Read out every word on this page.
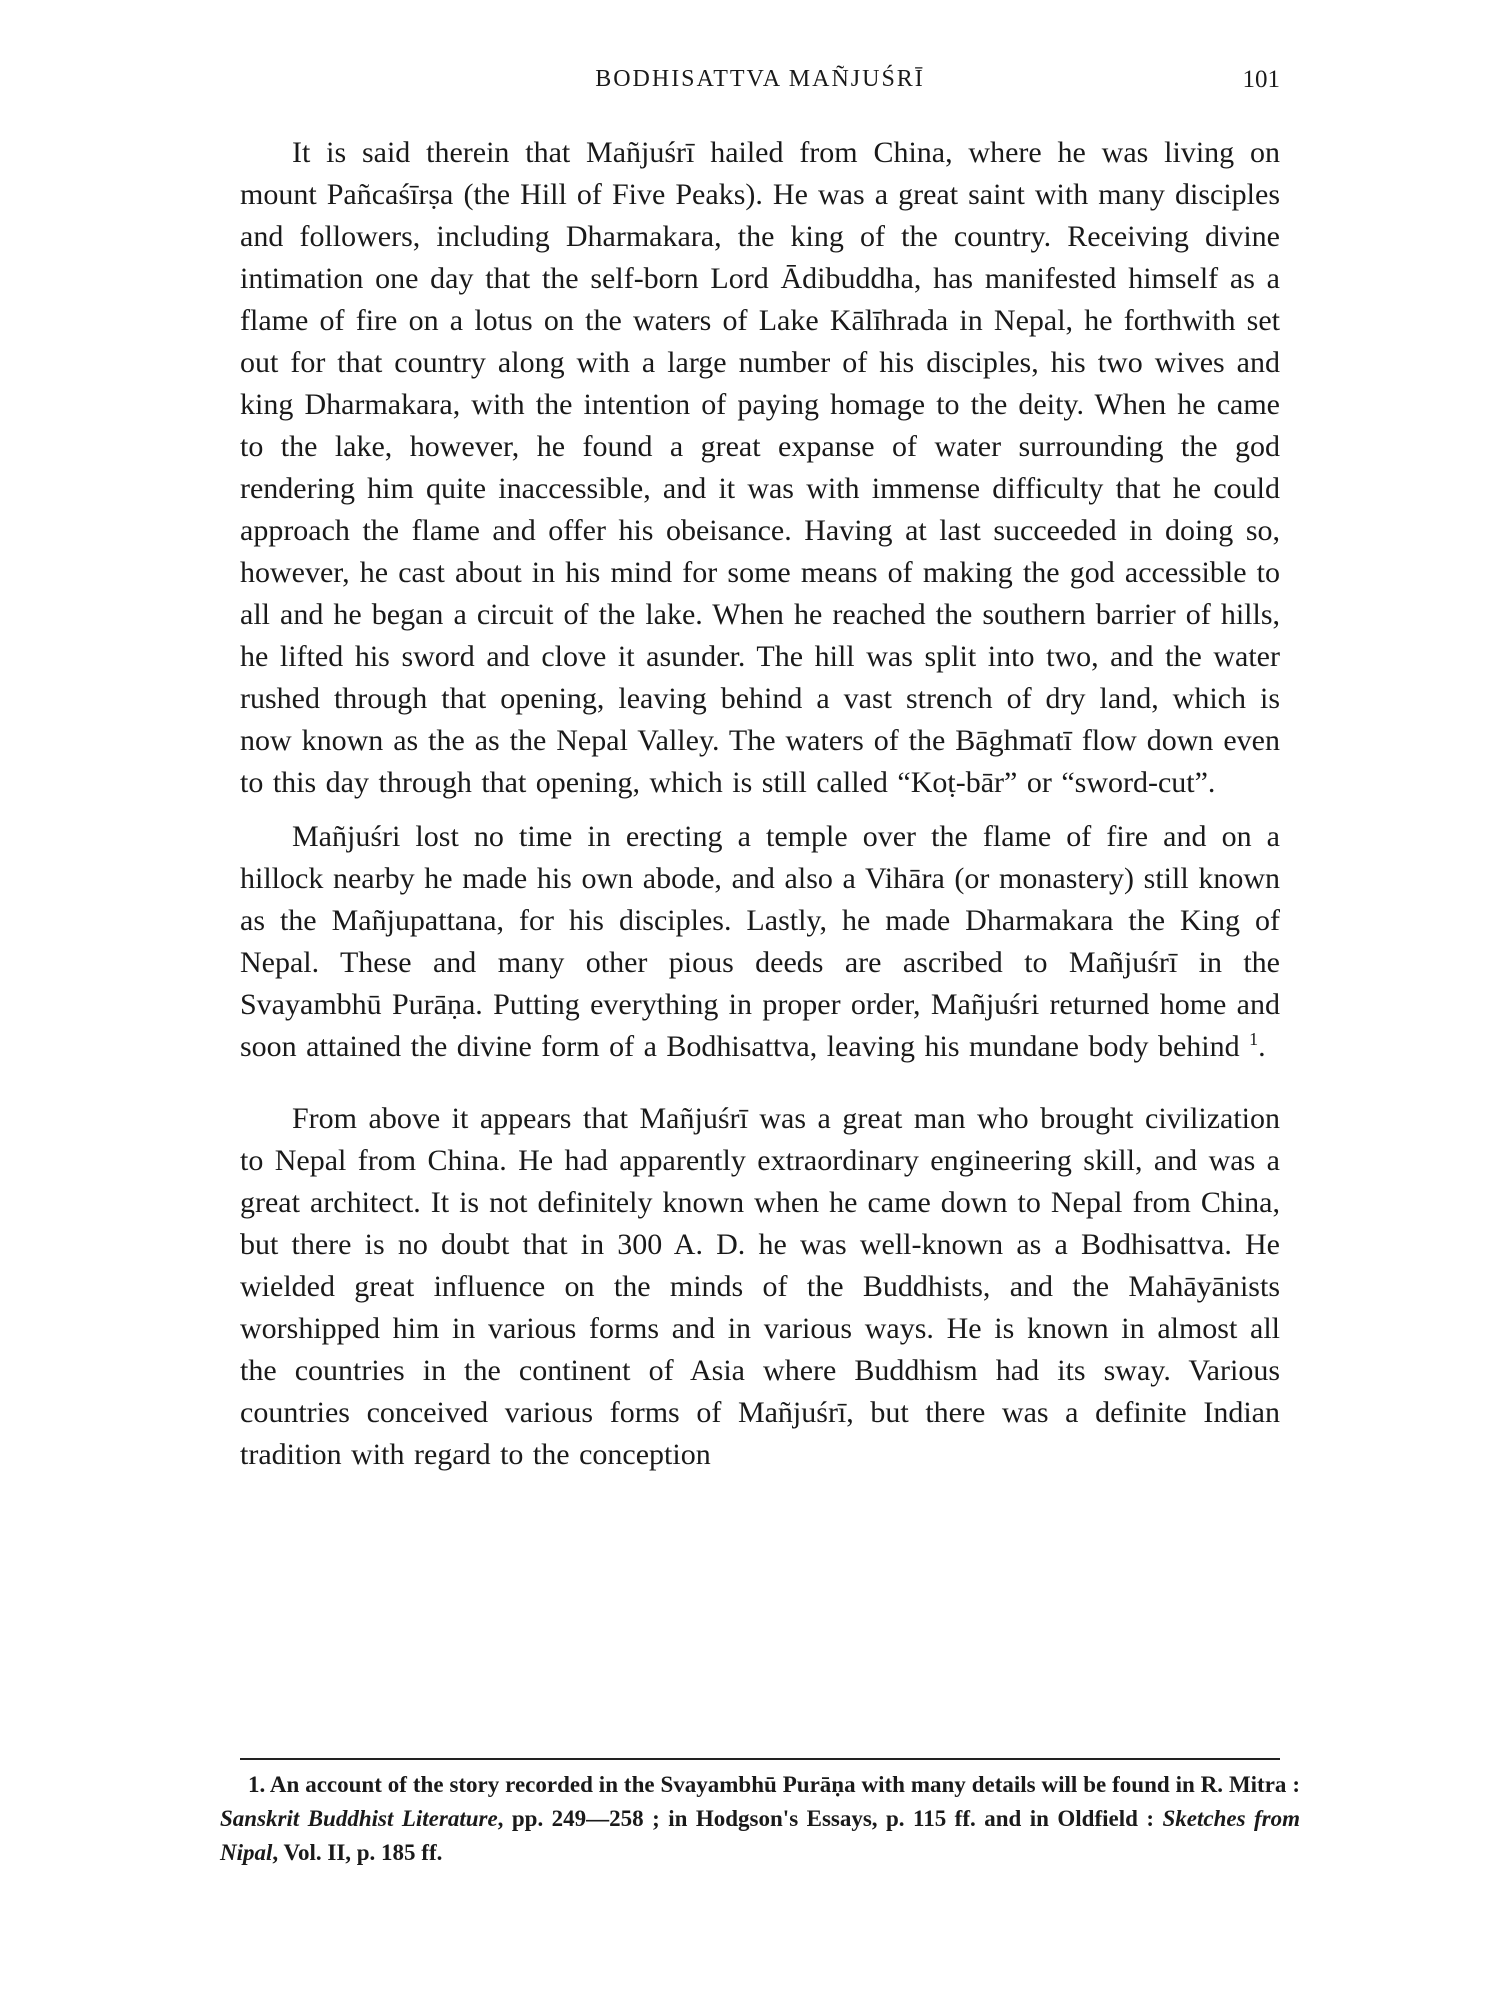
BODHISATTVA MAÑJUŚRĪ	101

It is said therein that Mañjuśrī hailed from China, where he was living on mount Pañcaśīrṣa (the Hill of Five Peaks). He was a great saint with many disciples and followers, including Dharmakara, the king of the country. Receiving divine intimation one day that the self-born Lord Ādibuddha, has manifested himself as a flame of fire on a lotus on the waters of Lake Kālīhrada in Nepal, he forthwith set out for that country along with a large number of his disciples, his two wives and king Dharmakara, with the intention of paying homage to the deity. When he came to the lake, however, he found a great expanse of water surrounding the god rendering him quite inaccessible, and it was with immense difficulty that he could approach the flame and offer his obeisance. Having at last succeeded in doing so, however, he cast about in his mind for some means of making the god accessible to all and he began a circuit of the lake. When he reached the southern barrier of hills, he lifted his sword and clove it asunder. The hill was split into two, and the water rushed through that opening, leaving behind a vast strench of dry land, which is now known as the as the Nepal Valley. The waters of the Bāghmatī flow down even to this day through that opening, which is still called “Koṭ-bār” or “sword-cut”.

Mañjuśri lost no time in erecting a temple over the flame of fire and on a hillock nearby he made his own abode, and also a Vihāra (or monastery) still known as the Mañjupattana, for his disciples. Lastly, he made Dharmakara the King of Nepal. These and many other pious deeds are ascribed to Mañjuśrī in the Svayambhū Purāṇa. Putting everything in proper order, Mañjuśri returned home and soon attained the divine form of a Bodhisattva, leaving his mundane body behind $^1$.

From above it appears that Mañjuśrī was a great man who brought civilization to Nepal from China. He had apparently extraordinary engineering skill, and was a great architect. It is not definitely known when he came down to Nepal from China, but there is no doubt that in 300 A. D. he was well-known as a Bodhisattva. He wielded great influence on the minds of the Buddhists, and the Mahāyānists worshipped him in various forms and in various ways. He is known in almost all the countries in the continent of Asia where Buddhism had its sway. Various countries conceived various forms of Mañjuśrī, but there was a definite Indian tradition with regard to the conception

1. An account of the story recorded in the Svayambhū Purāṇa with many details will be found in R. Mitra : Sanskrit Buddhist Literature, pp. 249—258 ; in Hodgson's Essays, p. 115 ff. and in Oldfield : Sketches from Nipal, Vol. II, p. 185 ff.
